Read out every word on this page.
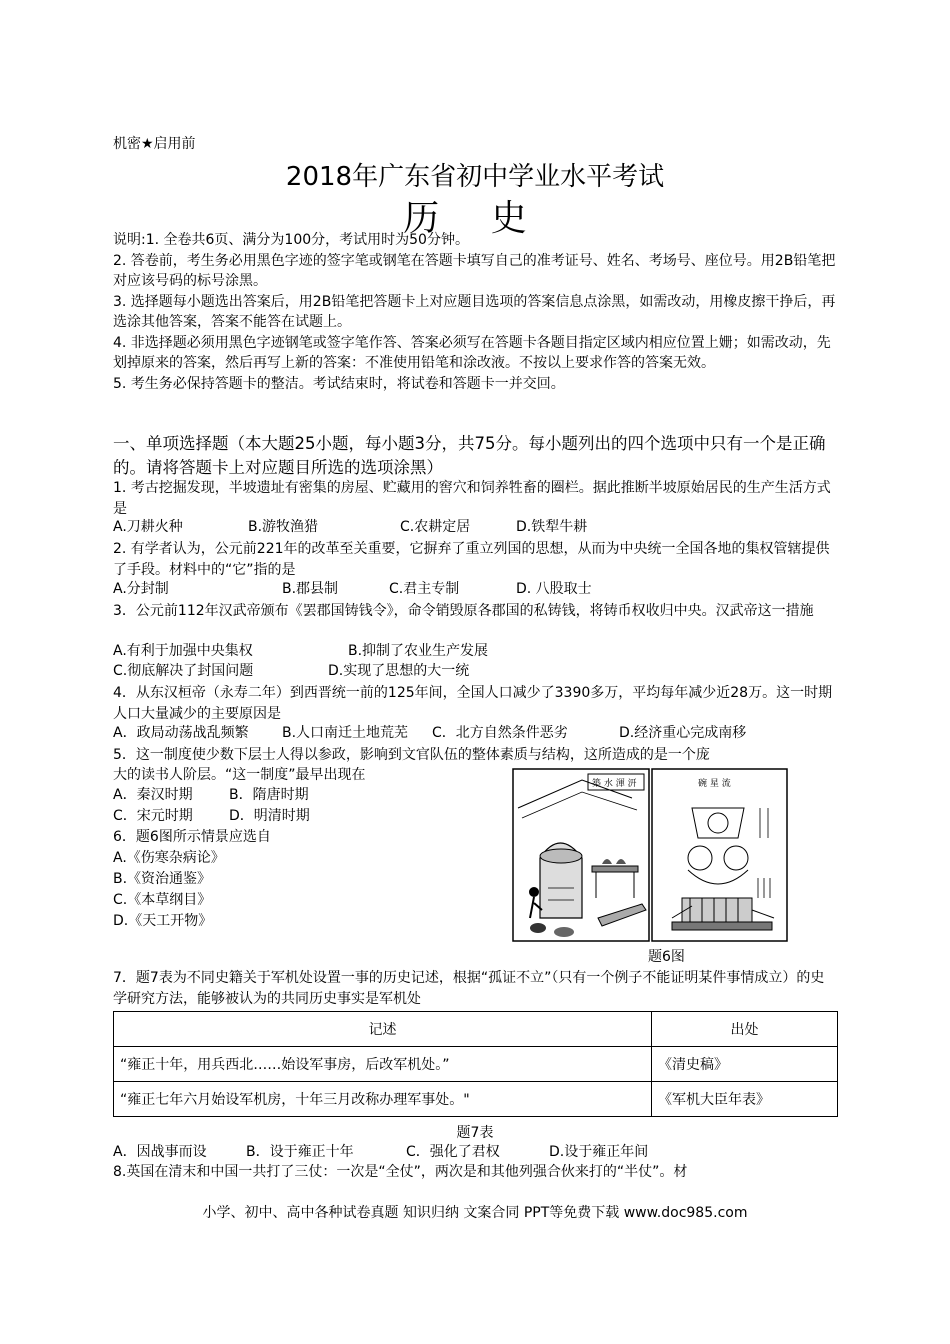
机密★启用前
2018年广东省初中学业水平考试
历 史
说明:1. 全卷共6页、满分为100分，考试用时为50分钟。
2. 答卷前，考生务必用黑色字迹的签字笔或钢笔在答题卡填写自己的准考证号、姓名、考场号、座位号。用2B铅笔把对应该号码的标号涂黑。
3. 选择题每小题选出答案后，用2B铅笔把答题卡上对应题目选项的答案信息点涂黑，如需改动，用橡皮擦干挣后，再选涂其他答案，答案不能答在试题上。
4. 非选择题必须用黑色字迹钢笔或签字笔作答、答案必须写在答题卡各题目指定区域内相应位置上姗；如需改动，先划掉原来的答案，然后再写上新的答案：不准使用铅笔和涂改液。不按以上要求作答的答案无效。
5. 考生务必保持答题卡的整洁。考试结束时，将试卷和答题卡一并交回。
一、单项选择题（本大题25小题，每小题3分，共75分。每小题列出的四个选项中只有一个是正确的。请将答题卡上对应题目所选的选项涂黑）
1. 考古挖掘发现，半坡遗址有密集的房屋、贮藏用的窖穴和饲养牲畜的圈栏。据此推断半坡原始居民的生产生活方式是
A.刀耕火种	B.游牧渔猎	C.农耕定居	D.铁犁牛耕
2. 有学者认为，公元前221年的改革至关重要，它摒弃了重立列国的思想，从而为中央统一全国各地的集权管辖提供了手段。材料中的“它”指的是
A.分封制	B.郡县制	C.君主专制	D. 八股取士
3．公元前112年汉武帝颁布《罢郡国铸钱令》，命令销毁原各郡国的私铸钱，将铸币权收归中央。汉武帝这一措施
A.有利于加强中央集权	B.抑制了农业生产发展
C.彻底解决了封国问题	D.实现了思想的大一统
4．从东汉桓帝（永寿二年）到西晋统一前的125年间，全国人口减少了3390多万，平均每年减少近28万。这一时期人口大量减少的主要原因是
A．政局动荡战乱频繁 B.人口南迁土地荒芜 C．北方自然条件恶劣	D.经济重心完成南移
5．这一制度使少数下层士人得以参政，影响到文官队伍的整体素质与结构，这所造成的是一个庞
大的读书人阶层。“这一制度”最早出现在
A．秦汉时期	B．隋唐时期
C．宋元时期	D．明清时期
6．题6图所示情景应选自
A.《伤寒杂病论》
B.《资治通鉴》
C.《本草纲目》
D.《天工开物》
築 水 渾 汧	碗 星 流
题6图
7．题7表为不同史籍关于军机处设置一事的历史记述，根据“孤证不立”（只有一个例子不能证明某件事情成立）的史学研究方法，能够被认为的共同历史事实是军机处
记述	出处
“雍正十年，用兵西北……始设军事房，后改军机处。”	《清史稿》
“雍正七年六月始设军机房，十年三月改称办理军事处。"	《军机大臣年表》
题7表
A．因战事而设	B．设于雍正十年	C．强化了君权	D.设于雍正年间
8.英国在清末和中国一共打了三仗：一次是“全仗”，两次是和其他列强合伙来打的“半仗”。材
小学、初中、高中各种试卷真题 知识归纳 文案合同 PPT等免费下载 www.doc985.com
